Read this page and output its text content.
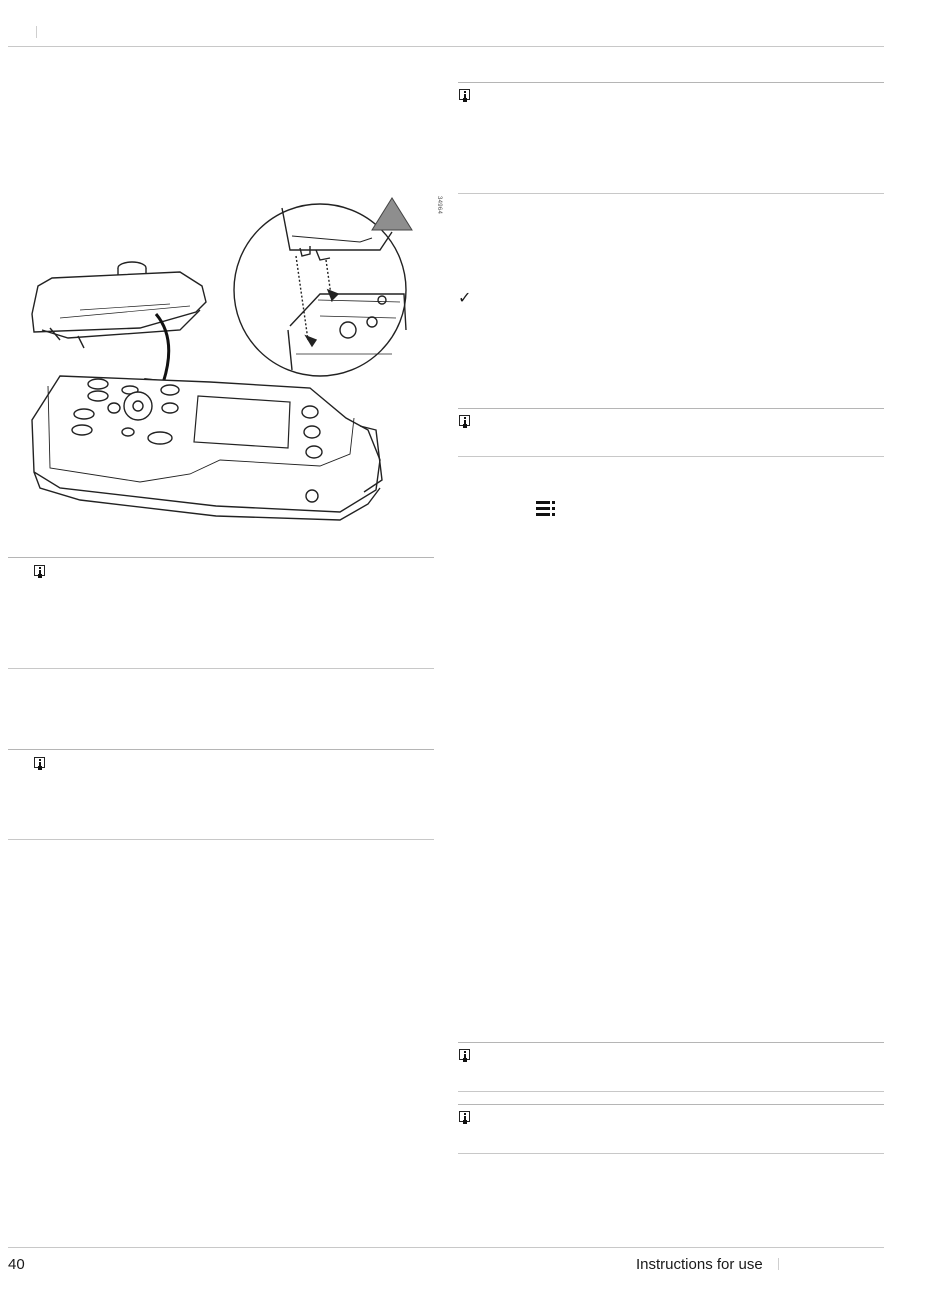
34964
✓
40	Instructions for use
